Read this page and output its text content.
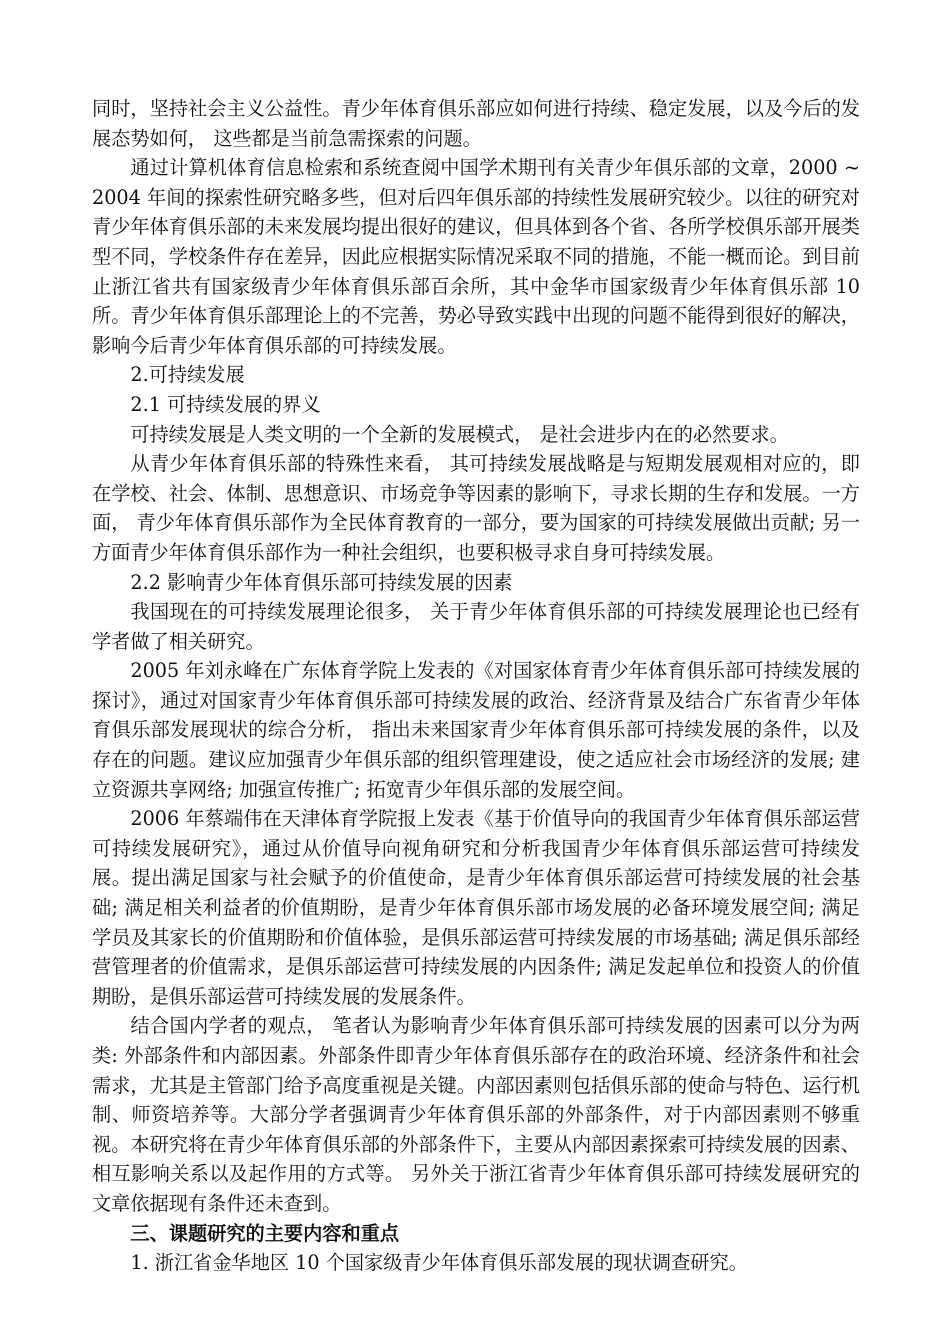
同时，坚持社会主义公益性。青少年体育俱乐部应如何进行持续、稳定发展，以及今后的发展态势如何， 这些都是当前急需探索的问题。

通过计算机体育信息检索和系统查阅中国学术期刊有关青少年俱乐部的文章，2000 ~ 2004 年间的探索性研究略多些，但对后四年俱乐部的持续性发展研究较少。以往的研究对青少年体育俱乐部的未来发展均提出很好的建议，但具体到各个省、各所学校俱乐部开展类型不同，学校条件存在差异，因此应根据实际情况采取不同的措施，不能一概而论。到目前止浙江省共有国家级青少年体育俱乐部百余所，其中金华市国家级青少年体育俱乐部 10 所。青少年体育俱乐部理论上的不完善，势必导致实践中出现的问题不能得到很好的解决，影响今后青少年体育俱乐部的可持续发展。

2.可持续发展

2.1 可持续发展的界义

可持续发展是人类文明的一个全新的发展模式， 是社会进步内在的必然要求。

从青少年体育俱乐部的特殊性来看， 其可持续发展战略是与短期发展观相对应的，即在学校、社会、体制、思想意识、市场竞争等因素的影响下，寻求长期的生存和发展。一方面， 青少年体育俱乐部作为全民体育教育的一部分，要为国家的可持续发展做出贡献; 另一方面青少年体育俱乐部作为一种社会组织，也要积极寻求自身可持续发展。

2.2 影响青少年体育俱乐部可持续发展的因素

我国现在的可持续发展理论很多， 关于青少年体育俱乐部的可持续发展理论也已经有学者做了相关研究。

2005 年刘永峰在广东体育学院上发表的《对国家体育青少年体育俱乐部可持续发展的探讨》，通过对国家青少年体育俱乐部可持续发展的政治、经济背景及结合广东省青少年体育俱乐部发展现状的综合分析， 指出未来国家青少年体育俱乐部可持续发展的条件，以及存在的问题。建议应加强青少年俱乐部的组织管理建设，使之适应社会市场经济的发展; 建立资源共享网络; 加强宣传推广; 拓宽青少年俱乐部的发展空间。

2006 年蔡端伟在天津体育学院报上发表《基于价值导向的我国青少年体育俱乐部运营可持续发展研究》，通过从价值导向视角研究和分析我国青少年体育俱乐部运营可持续发展。提出满足国家与社会赋予的价值使命，是青少年体育俱乐部运营可持续发展的社会基础; 满足相关利益者的价值期盼，是青少年体育俱乐部市场发展的必备环境发展空间; 满足学员及其家长的价值期盼和价值体验，是俱乐部运营可持续发展的市场基础; 满足俱乐部经营管理者的价值需求，是俱乐部运营可持续发展的内因条件; 满足发起单位和投资人的价值期盼，是俱乐部运营可持续发展的发展条件。

结合国内学者的观点， 笔者认为影响青少年体育俱乐部可持续发展的因素可以分为两类: 外部条件和内部因素。外部条件即青少年体育俱乐部存在的政治环境、经济条件和社会需求，尤其是主管部门给予高度重视是关键。内部因素则包括俱乐部的使命与特色、运行机制、师资培养等。大部分学者强调青少年体育俱乐部的外部条件，对于内部因素则不够重视。本研究将在青少年体育俱乐部的外部条件下，主要从内部因素探索可持续发展的因素、相互影响关系以及起作用的方式等。 另外关于浙江省青少年体育俱乐部可持续发展研究的文章依据现有条件还未查到。

三、课题研究的主要内容和重点

1. 浙江省金华地区 10 个国家级青少年体育俱乐部发展的现状调查研究。
